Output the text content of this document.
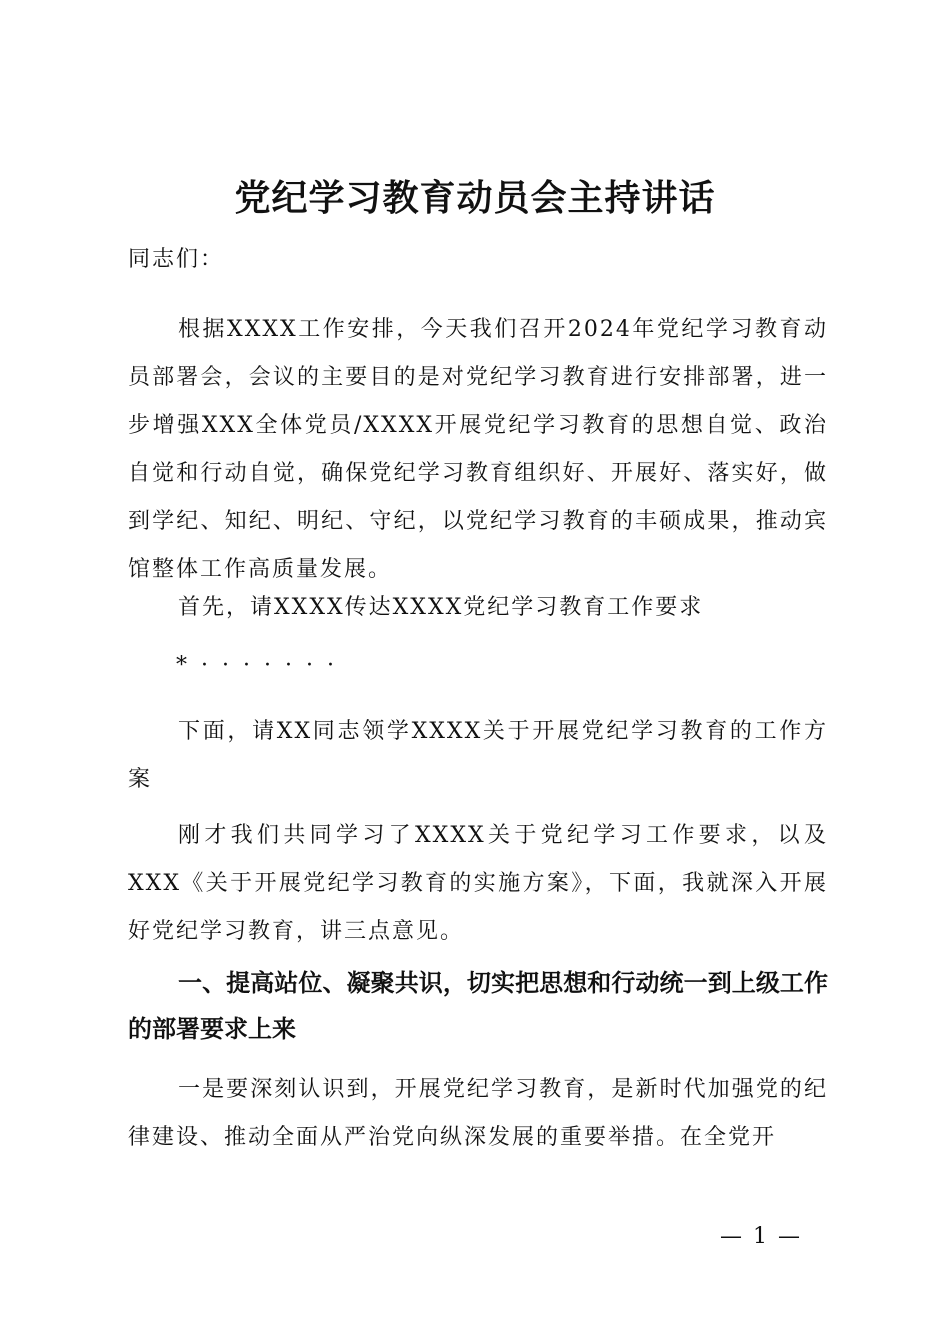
党纪学习教育动员会主持讲话
同志们：
根据XXXX工作安排，今天我们召开2024年党纪学习教育动员部署会，会议的主要目的是对党纪学习教育进行安排部署，进一步增强XXX全体党员/XXXX开展党纪学习教育的思想自觉、政治自觉和行动自觉，确保党纪学习教育组织好、开展好、落实好，做到学纪、知纪、明纪、守纪，以党纪学习教育的丰硕成果，推动宾馆整体工作高质量发展。
首先，请XXXX传达XXXX党纪学习教育工作要求
*·······
下面，请XX同志领学XXXX关于开展党纪学习教育的工作方案
刚才我们共同学习了XXXX关于党纪学习工作要求，以及XXX《关于开展党纪学习教育的实施方案》，下面，我就深入开展好党纪学习教育，讲三点意见。
一、提高站位、凝聚共识，切实把思想和行动统一到上级工作的部署要求上来
一是要深刻认识到，开展党纪学习教育，是新时代加强党的纪律建设、推动全面从严治党向纵深发展的重要举措。在全党开
— 1 —
